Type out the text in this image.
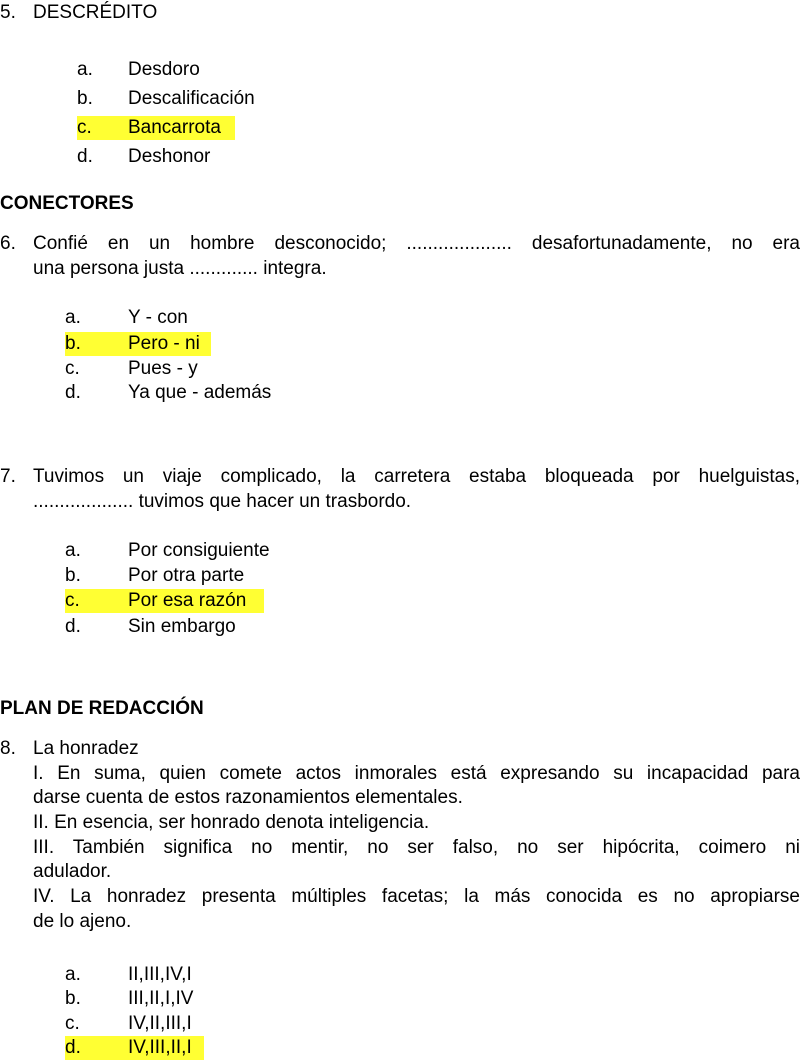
5. DESCRÉDITO
a. Desdoro
b. Descalificación
c. Bancarrota
d. Deshonor
CONECTORES
6. Confié en un hombre desconocido; .................... desafortunadamente, no era
una persona justa ............. integra.
a. Y - con
b. Pero - ni
c.	Pues - y
d. Ya que - además
7. Tuvimos un viaje complicado, la carretera estaba bloqueada por huelguistas,
................... tuvimos que hacer un trasbordo.
a. Por consiguiente
b. Por otra parte
c.	Por esa razón
d. Sin embargo
PLAN DE REDACCIÓN
8. La honradez
I. En suma, quien comete actos inmorales está expresando su incapacidad para
darse cuenta de estos razonamientos elementales.
II. En esencia, ser honrado denota inteligencia.
III. También significa no mentir, no ser falso, no ser hipócrita, coimero ni
adulador.
IV. La honradez presenta múltiples facetas; la más conocida es no apropiarse
de lo ajeno.
a. II,III,IV,I
b. III,II,I,IV
c.	IV,II,III,I
d. IV,III,II,I
